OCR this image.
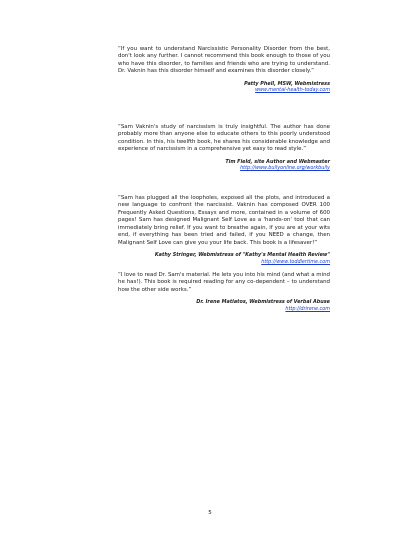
“If you want to understand Narcissistic Personality Disorder from the best, don't look any further. I cannot recommend this book enough to those of you who have this disorder, to families and friends who are trying to understand. Dr. Vaknin has this disorder himself and examines this disorder closely.”

Patty Phell, MSW, Webmistress
www.mental-health-today.com

“Sam Vaknin's study of narcissism is truly insightful. The author has done probably more than anyone else to educate others to this poorly understood condition. In this, his twelfth book, he shares his considerable knowledge and experience of narcissism in a comprehensive yet easy to read style.”

Tim Field, site Author and Webmaster
http://www.bullyonline.org/workbully

“Sam has plugged all the loopholes, exposed all the plots, and introduced a new language to confront the narcissist. Vaknin has composed OVER 100 Frequently Asked Questions, Essays and more, contained in a volume of 600 pages! Sam has designed Malignant Self Love as a 'hands-on' tool that can immediately bring relief. If you want to breathe again, if you are at your wits end, if everything has been tried and failed, if you NEED a change, then Malignant Self Love can give you your life back. This book is a lifesaver!”

Kathy Stringer, Webmistress of "Kathy's Mental Health Review"
http://www.toddlertime.com

“I love to read Dr. Sam's material. He lets you into his mind (and what a mind he has!). This book is required reading for any co-dependent – to understand how the other side works.”

Dr. Irene Matiatos, Webmistress of Verbal Abuse
http://drirene.com

5
